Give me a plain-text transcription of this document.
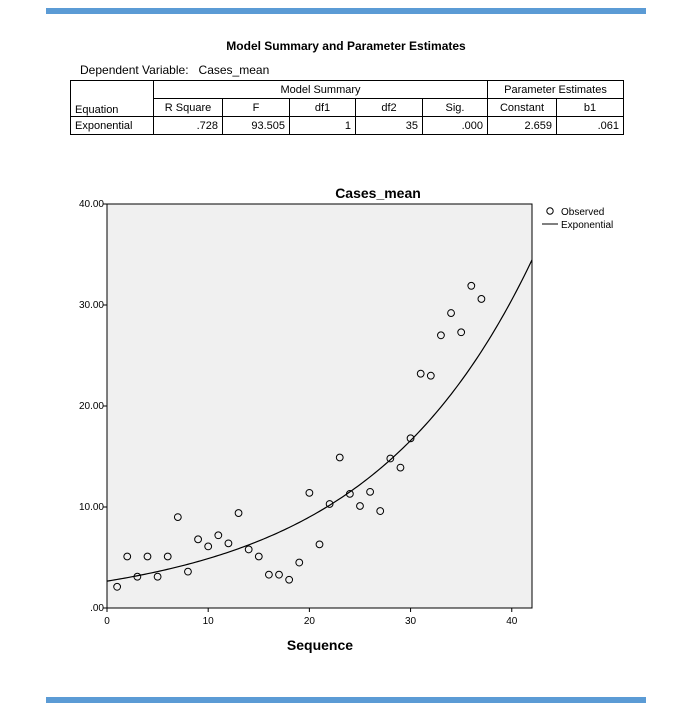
Model Summary and Parameter Estimates
Dependent Variable: Cases_mean
Equation	Model Summary					Parameter Estimates	
	R Square	F	df1	df2	Sig.	Constant	b1
Exponential	.728	93.505	1	35	.000	2.659	.061
Cases_mean
.00
10.00
20.00
30.00
40.00
0	10	20	30	40
Sequence
Observed
Exponential
